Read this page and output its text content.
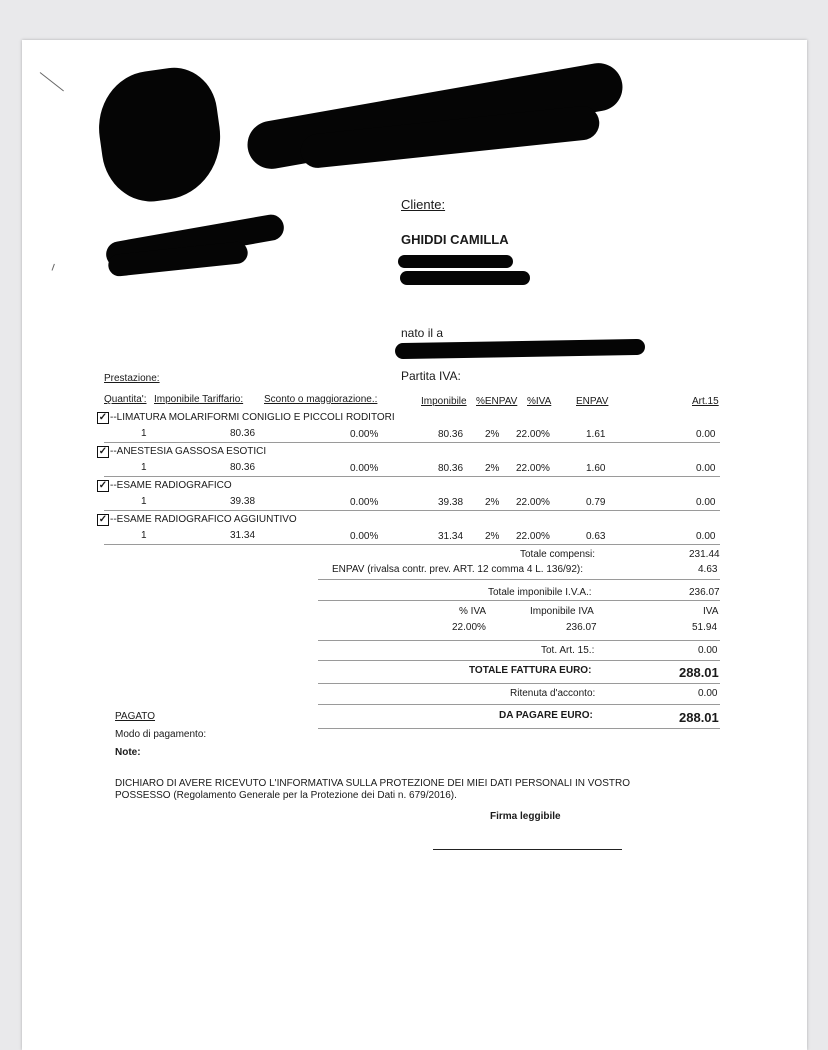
Cliente:
GHIDDI CAMILLA
nato il a
Partita IVA:
Prestazione:
Quantita': Imponibile Tariffario: Sconto o maggiorazione.:	Imponibile %ENPAV %IVA ENPAV	Art.15
✓ --LIMATURA MOLARIFORMI CONIGLIO E PICCOLI RODITORI
1	80.36	0.00%	80.36 2% 22.00%	1.61	0.00
✓ --ANESTESIA GASSOSA ESOTICI
1	80.36	0.00%	80.36 2% 22.00%	1.60	0.00
✓ --ESAME RADIOGRAFICO
1	39.38	0.00%	39.38 2% 22.00%	0.79	0.00
✓ --ESAME RADIOGRAFICO AGGIUNTIVO
1	31.34	0.00%	31.34 2% 22.00%	0.63	0.00
Totale compensi:	231.44
ENPAV (rivalsa contr. prev. ART. 12 comma 4 L. 136/92):	4.63
Totale imponibile I.V.A.:	236.07
% IVA	Imponibile IVA	IVA
22.00%	236.07	51.94
Tot. Art. 15.:	0.00
TOTALE FATTURA EURO:	288.01
Ritenuta d'acconto:	0.00
DA PAGARE EURO:	288.01
PAGATO
Modo di pagamento:
Note:
DICHIARO DI AVERE RICEVUTO L'INFORMATIVA SULLA PROTEZIONE DEI MIEI DATI PERSONALI IN VOSTRO
POSSESSO (Regolamento Generale per la Protezione dei Dati n. 679/2016).
Firma leggibile
